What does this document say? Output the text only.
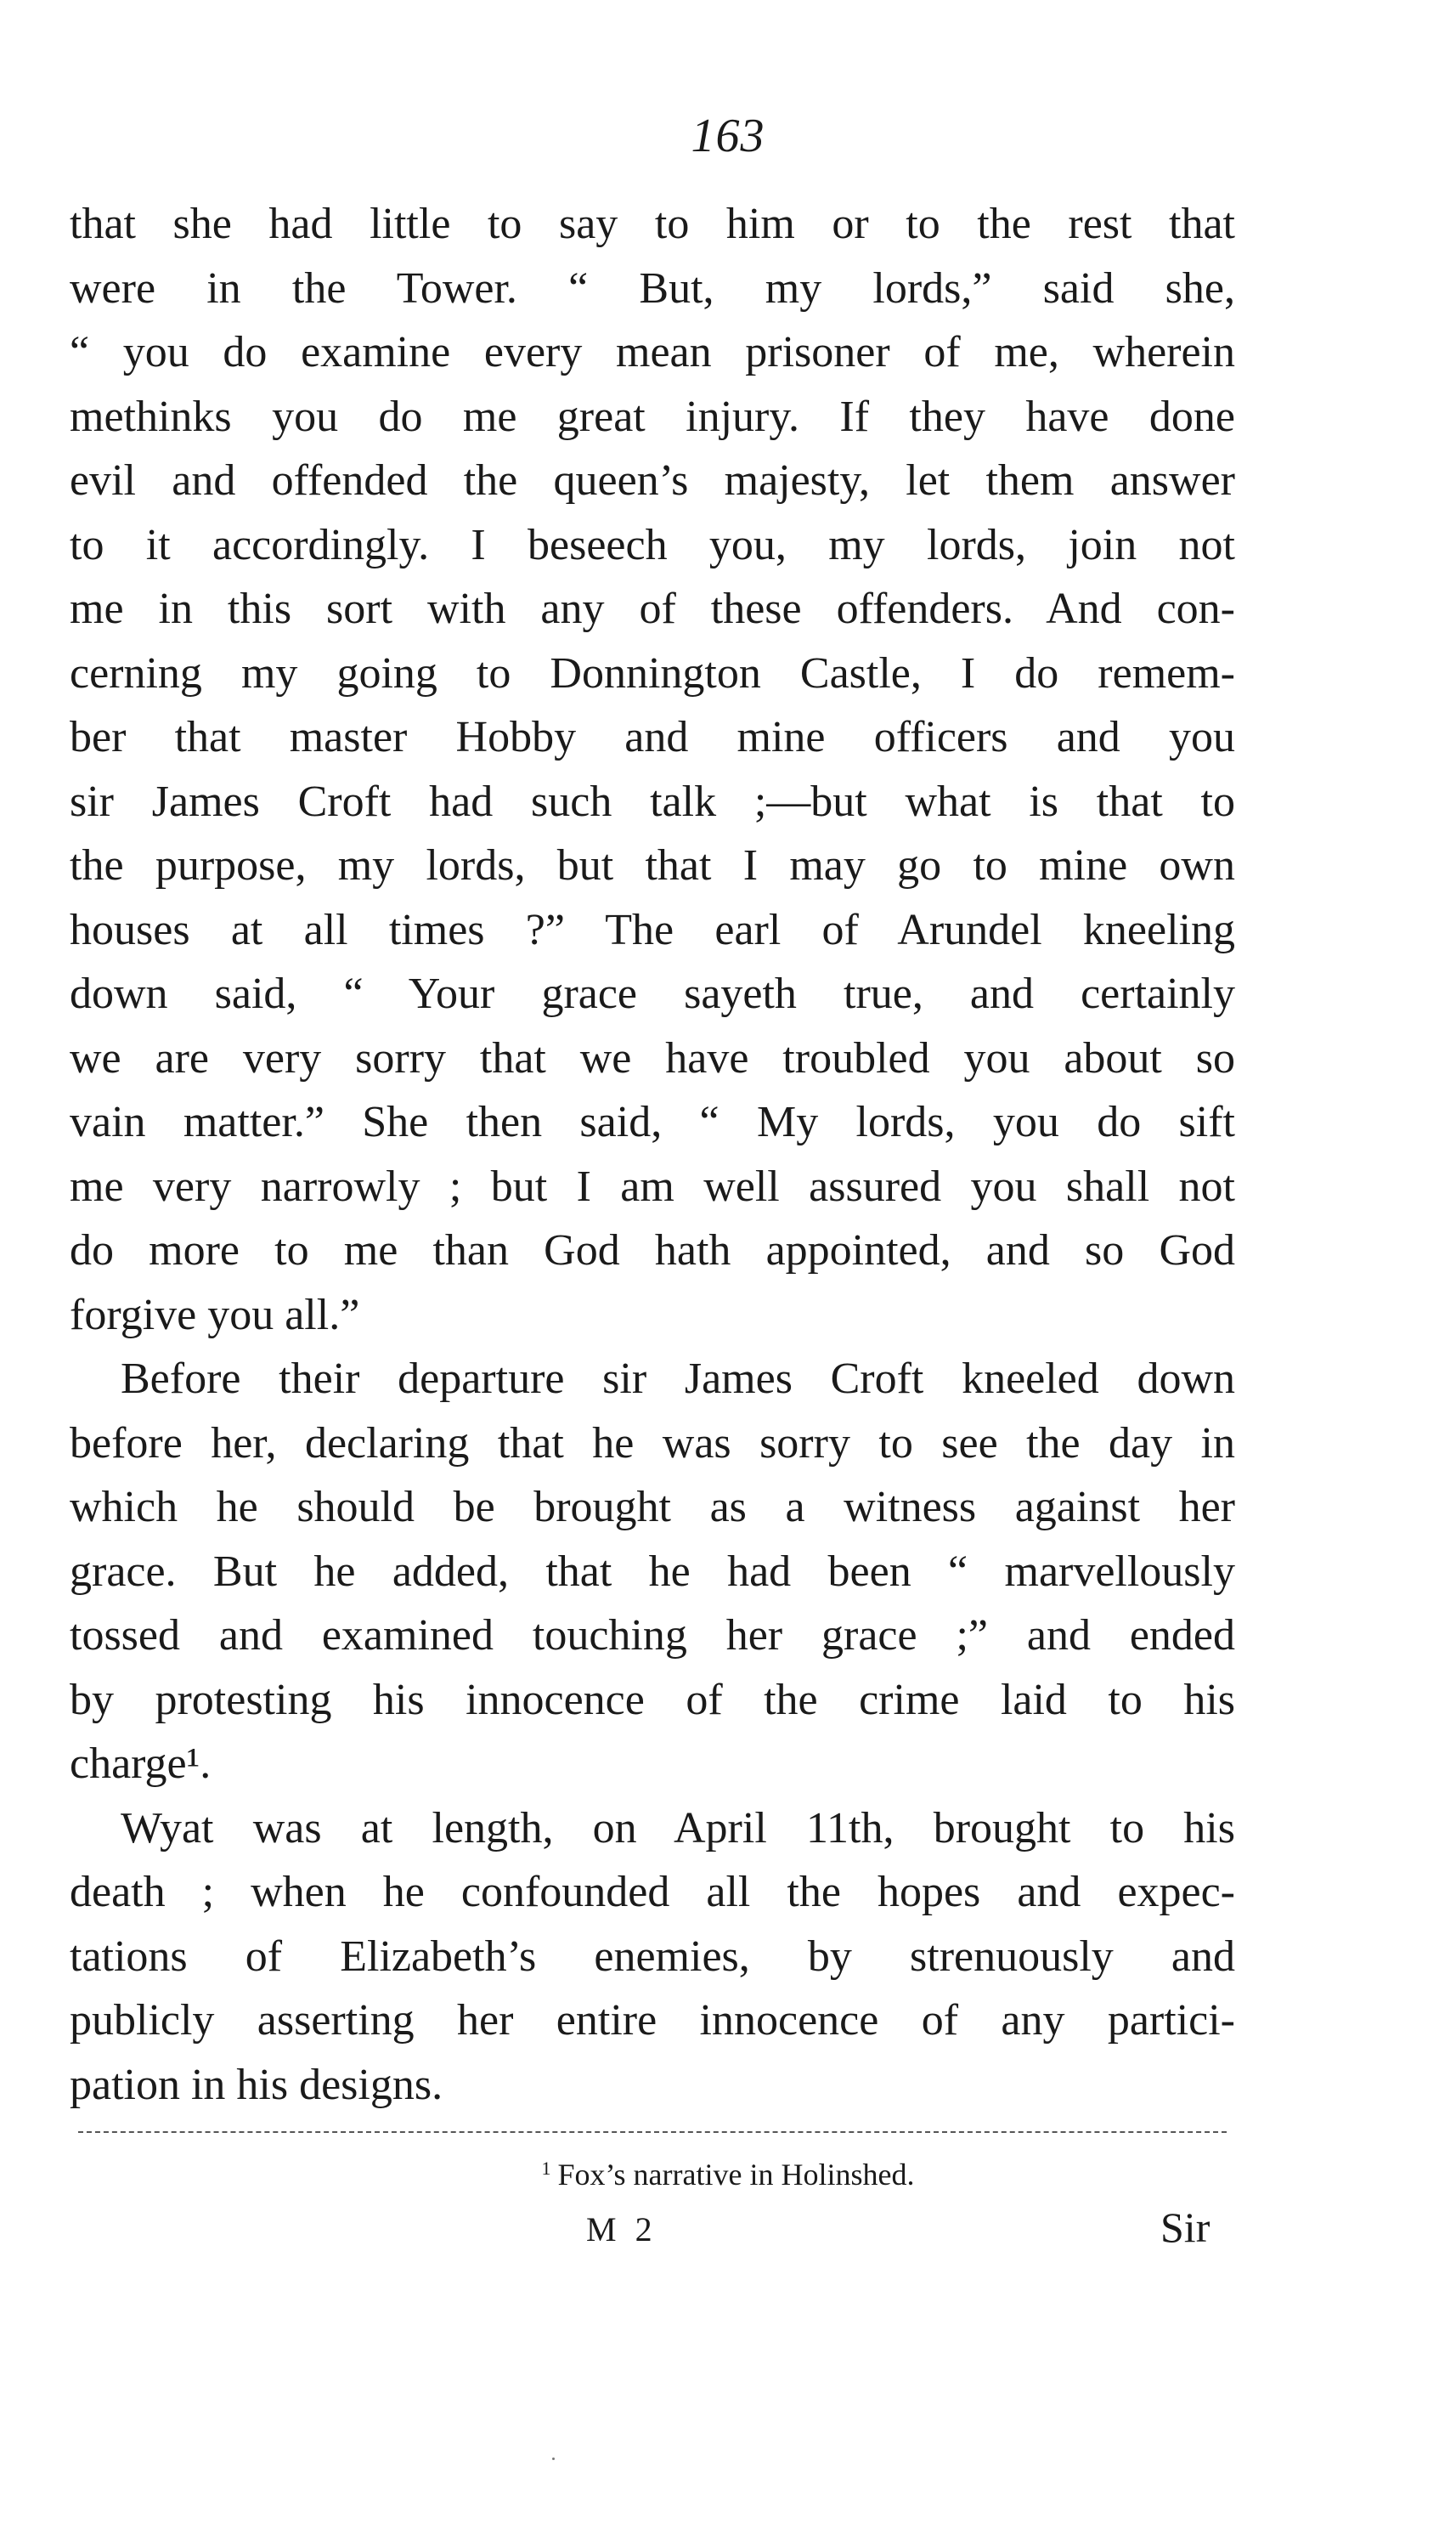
163
that she had little to say to him or to the rest that
were in the Tower. “ But, my lords,” said she,
“ you do examine every mean prisoner of me, wherein
methinks you do me great injury. If they have done
evil and offended the queen’s majesty, let them answer
to it accordingly. I beseech you, my lords, join not
me in this sort with any of these offenders. And con-
cerning my going to Donnington Castle, I do remem-
ber that master Hobby and mine officers and you
sir James Croft had such talk ;—but what is that to
the purpose, my lords, but that I may go to mine own
houses at all times ?” The earl of Arundel kneeling
down said, “ Your grace sayeth true, and certainly
we are very sorry that we have troubled you about so
vain matter.” She then said, “ My lords, you do sift
me very narrowly ; but I am well assured you shall not
do more to me than God hath appointed, and so God
forgive you all.”
Before their departure sir James Croft kneeled down
before her, declaring that he was sorry to see the day in
which he should be brought as a witness against her
grace. But he added, that he had been “ marvellously
tossed and examined touching her grace ;” and ended
by protesting his innocence of the crime laid to his
charge¹.
Wyat was at length, on April 11th, brought to his
death ; when he confounded all the hopes and expec-
tations of Elizabeth’s enemies, by strenuously and
publicly asserting her entire innocence of any partici-
pation in his designs.
$^1$ Fox’s narrative in Holinshed.
M 2	Sir
